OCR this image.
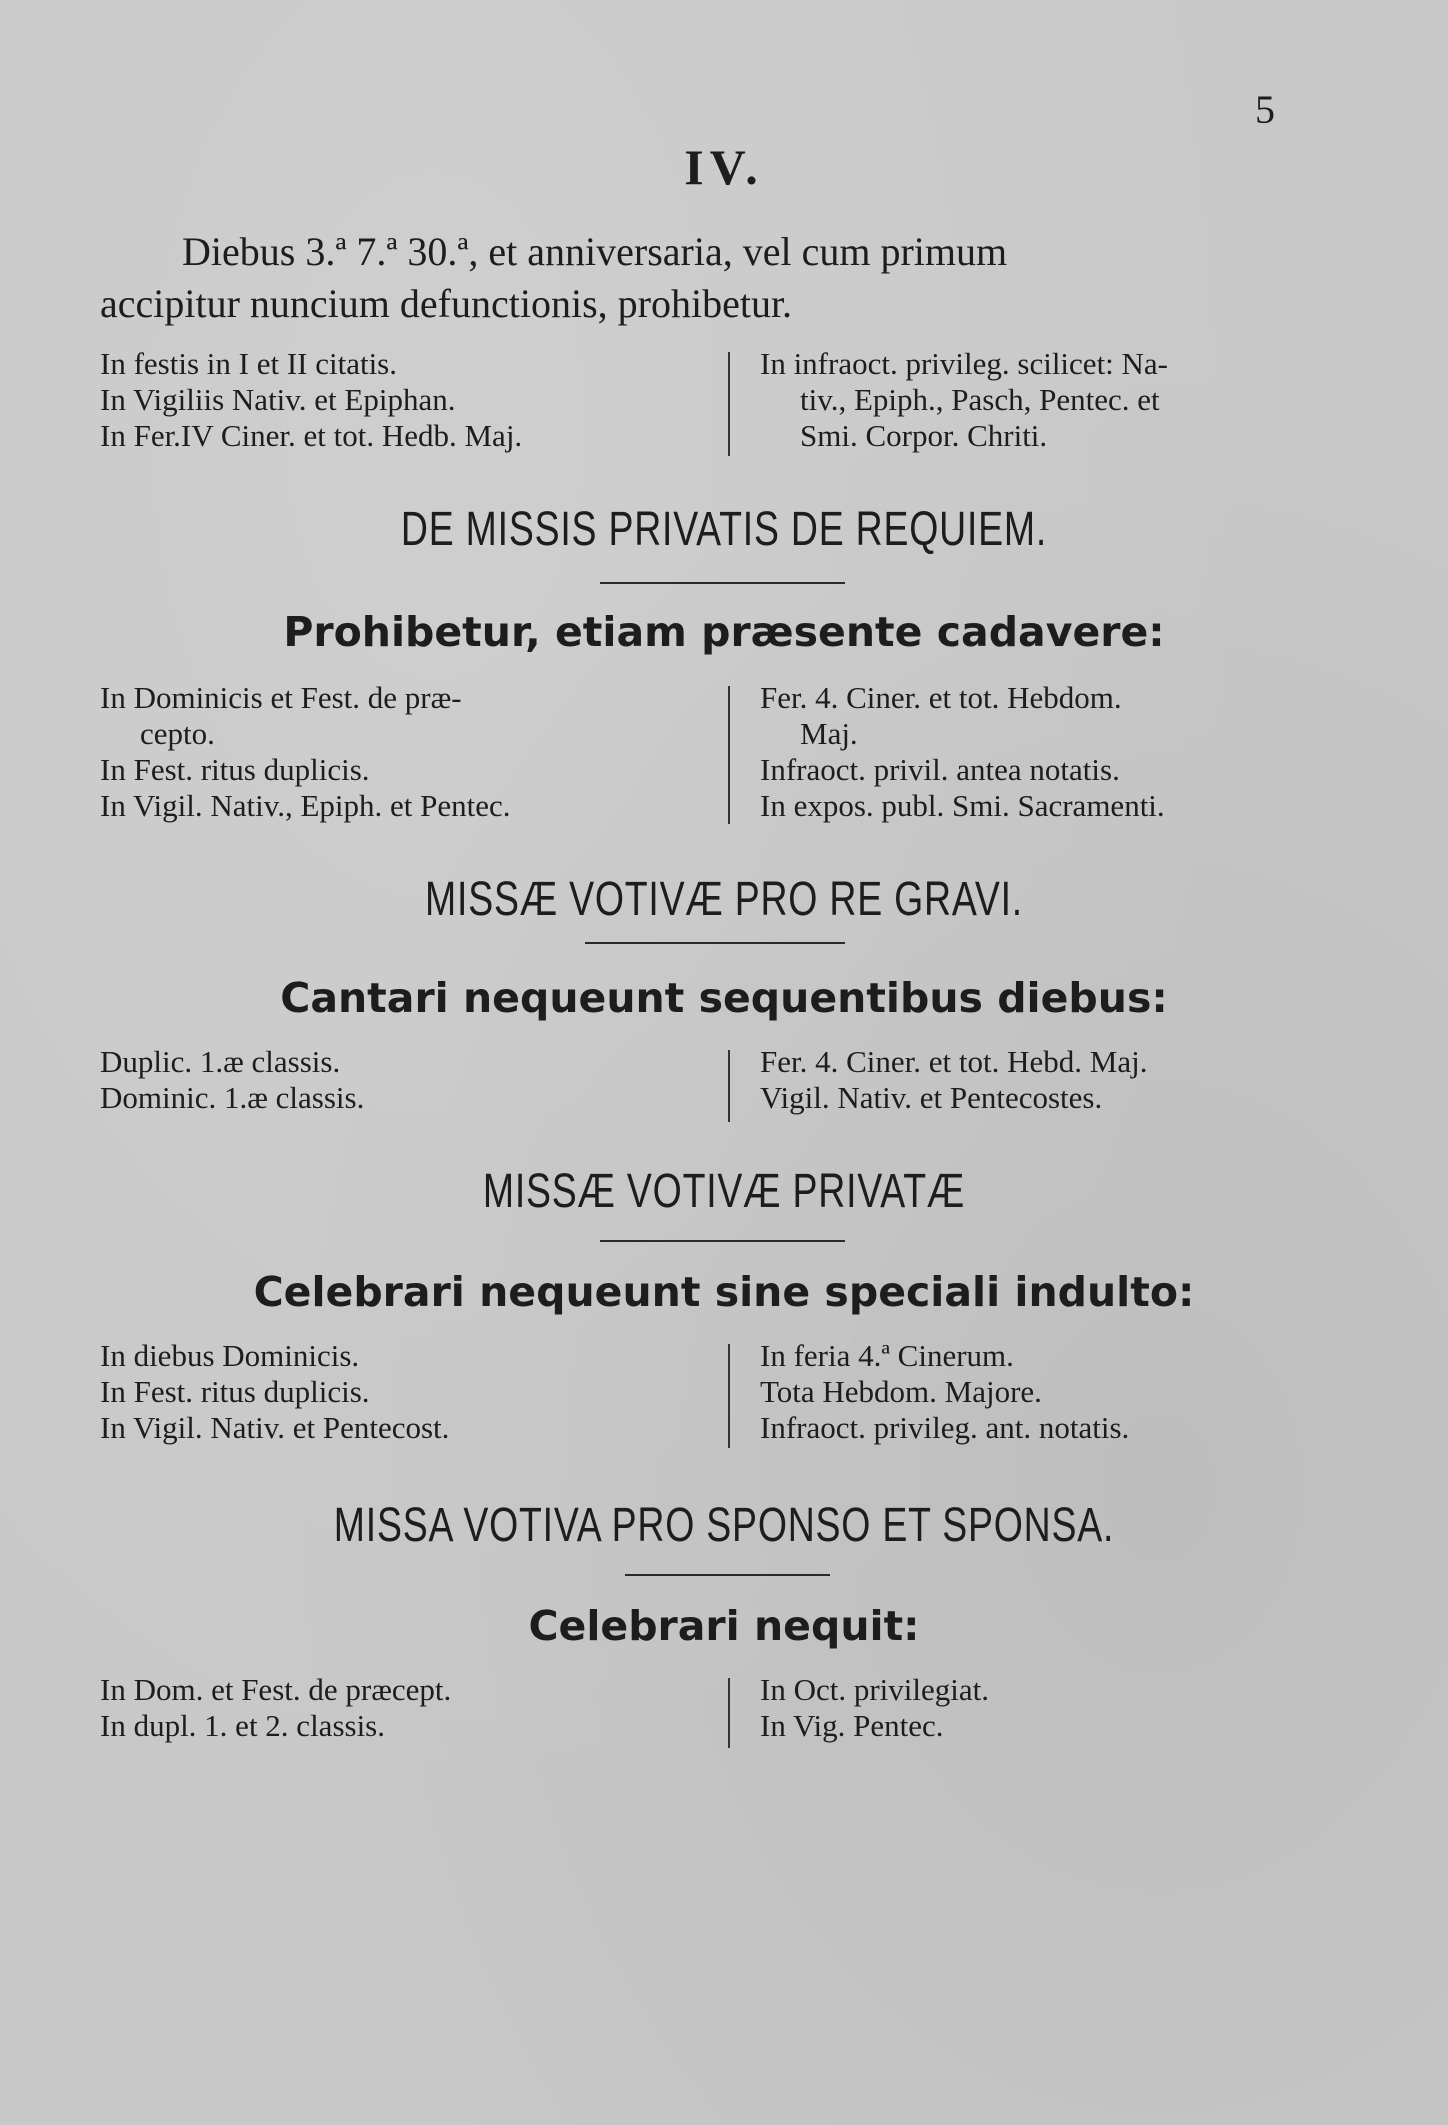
5
IV.

Diebus 3.ª 7.ª 30.ª, et anniversaria, vel cum primum

accipitur nuncium defunctionis, prohibetur.

In festis in I et II citatis.
In Vigiliis Nativ. et Epiphan.
In Fer.IV Ciner. et tot. Hedb. Maj.
In infraoct. privileg. scilicet: Na-
tiv., Epiph., Pasch, Pentec. et
Smi. Corpor. Chriti.
DE MISSIS PRIVATIS DE REQUIEM.
Prohibetur, etiam præsente cadavere:
In Dominicis et Fest. de præ-
cepto.
In Fest. ritus duplicis.
In Vigil. Nativ., Epiph. et Pentec.
Fer. 4. Ciner. et tot. Hebdom.
Maj.
Infraoct. privil. antea notatis.
In expos. publ. Smi. Sacramenti.
MISSÆ VOTIVÆ PRO RE GRAVI.
Cantari nequeunt sequentibus diebus:
Duplic. 1.æ classis.
Dominic. 1.æ classis.
Fer. 4. Ciner. et tot. Hebd. Maj.
Vigil. Nativ. et Pentecostes.
MISSÆ VOTIVÆ PRIVATÆ
Celebrari nequeunt sine speciali indulto:
In diebus Dominicis.
In Fest. ritus duplicis.
In Vigil. Nativ. et Pentecost.
In feria 4.ª Cinerum.
Tota Hebdom. Majore.
Infraoct. privileg. ant. notatis.
MISSA VOTIVA PRO SPONSO ET SPONSA.
Celebrari nequit:
In Dom. et Fest. de præcept.
In dupl. 1. et 2. classis.
In Oct. privilegiat.
In Vig. Pentec.
